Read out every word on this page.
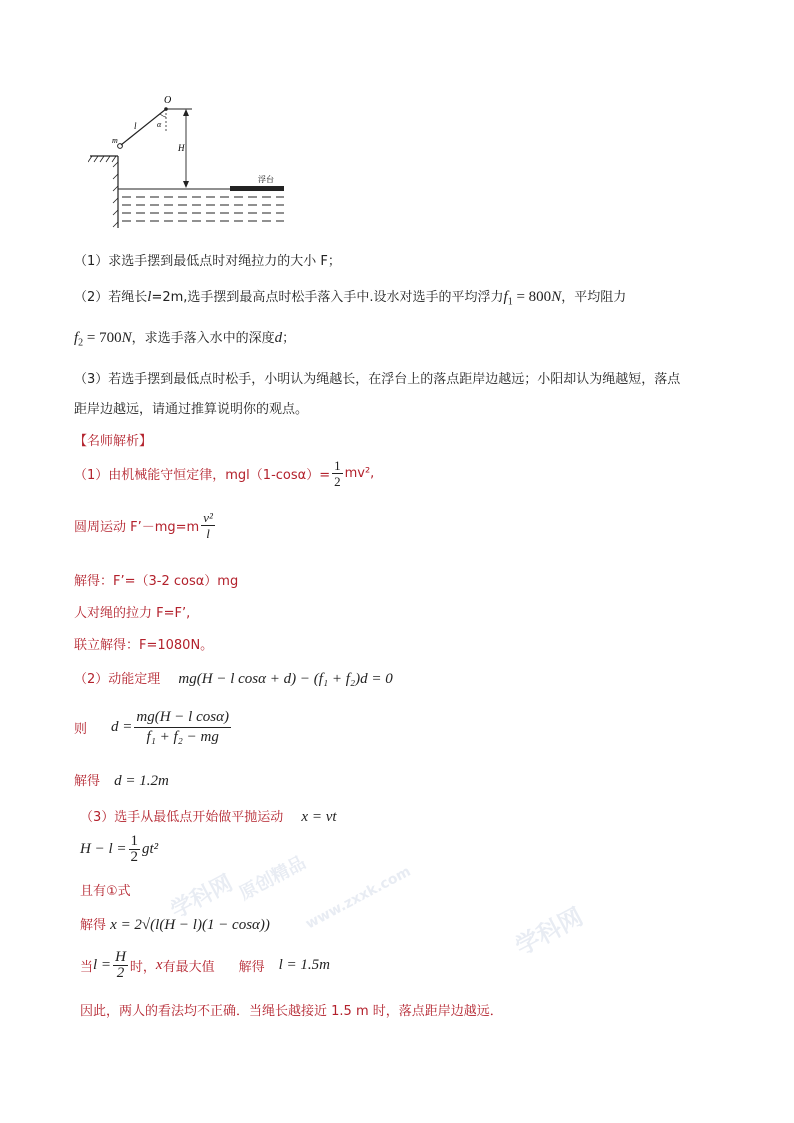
O
l
m
α
H
浮台
（1）求选手摆到最低点时对绳拉力的大小 F；
（2）若绳长l=2m,选手摆到最高点时松手落入手中.设水对选手的平均浮力$f_1 = 800N$，平均阻力
$f_2 = 700N$，求选手落入水中的深度d；
（3）若选手摆到最低点时松手，小明认为绳越长，在浮台上的落点距岸边越远；小阳却认为绳越短，落点
距岸边越远，请通过推算说明你的观点。
【名师解析】
（1）由机械能守恒定律，$mgl(1-\cos\alpha)= \frac{1}{2} mv^2$,
圆周运动 F’－mg=m $\frac{\text{v²}}{l}$
解得：F’=（3-2 cosα）mg
人对绳的拉力 F=F’,
联立解得：F=1080N。
（2）动能定理 mg(H − l cosα + d) − (f₁ + f₂)d = 0
则 $d = \frac{\text{mg(H − l cosα)}}{\text{f₁ + f₂ − mg}}$
解得 d = 1.2m
（3）选手从最低点开始做平抛运动 x = vt
$H - l = \frac{1}{2} gt^2$
且有①式
解得 x = 2√(l(H − l)(1 − cosα))
当 $l = \frac{H}{2}$ 时， x 有最大值 解得 l = 1.5m
因此，两人的看法均不正确．当绳长越接近 1.5 m 时，落点距岸边越远．
学科网 原创精品
www.zxxk.com	学科网
